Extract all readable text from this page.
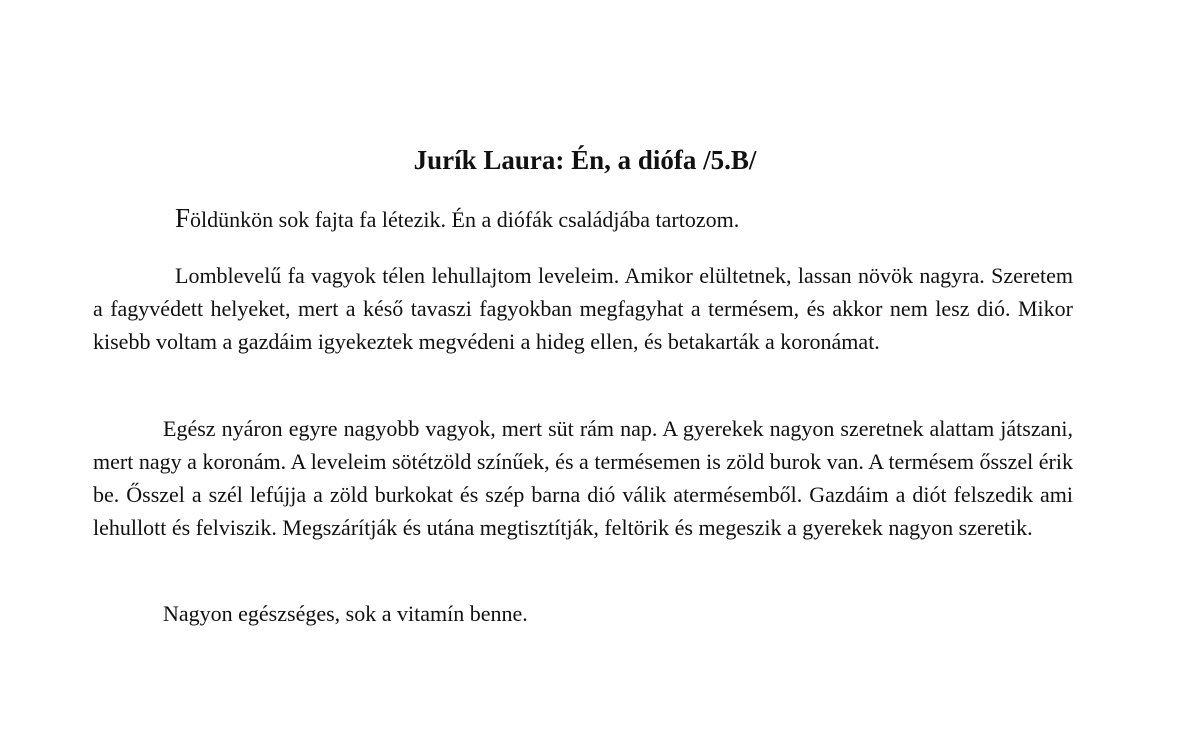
Jurík Laura: Én, a diófa /5.B/

Földünkön sok fajta fa létezik. Én a diófák családjába tartozom.

Lomblevelű fa vagyok télen lehullajtom leveleim. Amikor elültetnek, lassan növök nagyra. Szeretem a fagyvédett helyeket, mert a késő tavaszi fagyokban megfagyhat a termésem, és akkor nem lesz dió. Mikor kisebb voltam a gazdáim igyekeztek megvédeni a hideg ellen, és betakarták a koronámat.

Egész nyáron egyre nagyobb vagyok, mert süt rám nap. A gyerekek nagyon szeretnek alattam játszani, mert nagy a koronám. A leveleim sötétzöld színűek, és a termésemen is zöld burok van. A termésem ősszel érik be. Ősszel a szél lefújja a zöld burkokat és szép barna dió válik atermésemből. Gazdáim a diót felszedik ami lehullott és felviszik. Megszárítják és utána megtisztítják, feltörik és megeszik a gyerekek nagyon szeretik.

Nagyon egészséges, sok a vitamín benne.
